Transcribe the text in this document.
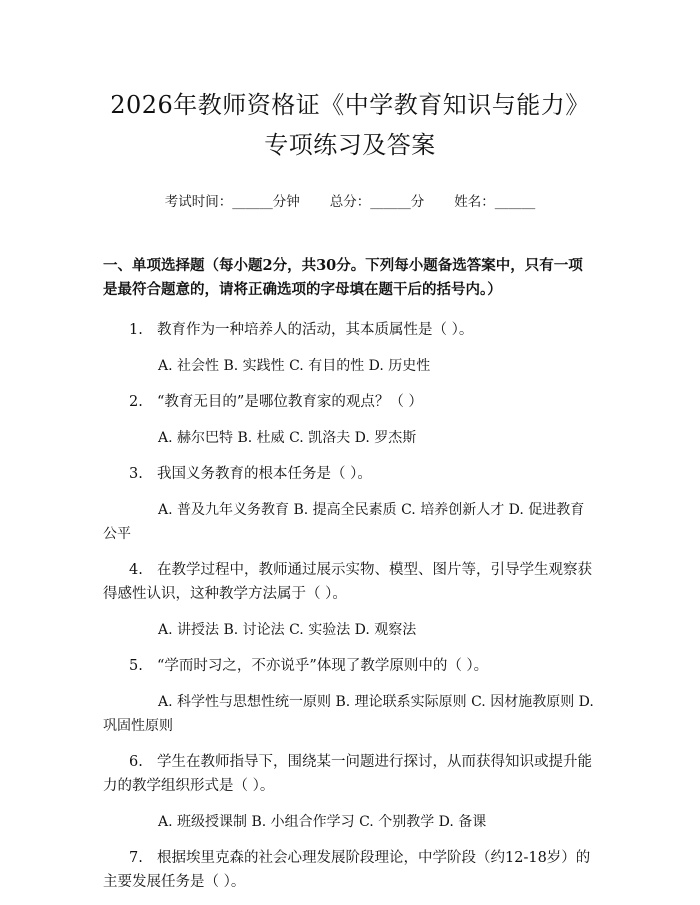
2026年教师资格证《中学教育知识与能力》
专项练习及答案
考试时间：______分钟 总分：______分 姓名：______
一、单项选择题（每小题2分，共30分。下列每小题备选答案中，只有一项是最符合题意的，请将正确选项的字母填在题干后的括号内。）

1. 教育作为一种培养人的活动，其本质属性是（ ）。

A. 社会性 B. 实践性 C. 有目的性 D. 历史性

2. “教育无目的”是哪位教育家的观点？（ ）

A. 赫尔巴特 B. 杜威 C. 凯洛夫 D. 罗杰斯

3. 我国义务教育的根本任务是（ ）。

A. 普及九年义务教育 B. 提高全民素质 C. 培养创新人才 D. 促进教育公平

4. 在教学过程中，教师通过展示实物、模型、图片等，引导学生观察获得感性认识，这种教学方法属于（ ）。

A. 讲授法 B. 讨论法 C. 实验法 D. 观察法

5. “学而时习之，不亦说乎”体现了教学原则中的（ ）。

A. 科学性与思想性统一原则 B. 理论联系实际原则 C. 因材施教原则 D. 巩固性原则

6. 学生在教师指导下，围绕某一问题进行探讨，从而获得知识或提升能力的教学组织形式是（ ）。

A. 班级授课制 B. 小组合作学习 C. 个别教学 D. 备课

7. 根据埃里克森的社会心理发展阶段理论，中学阶段（约12-18岁）的主要发展任务是（ ）。
